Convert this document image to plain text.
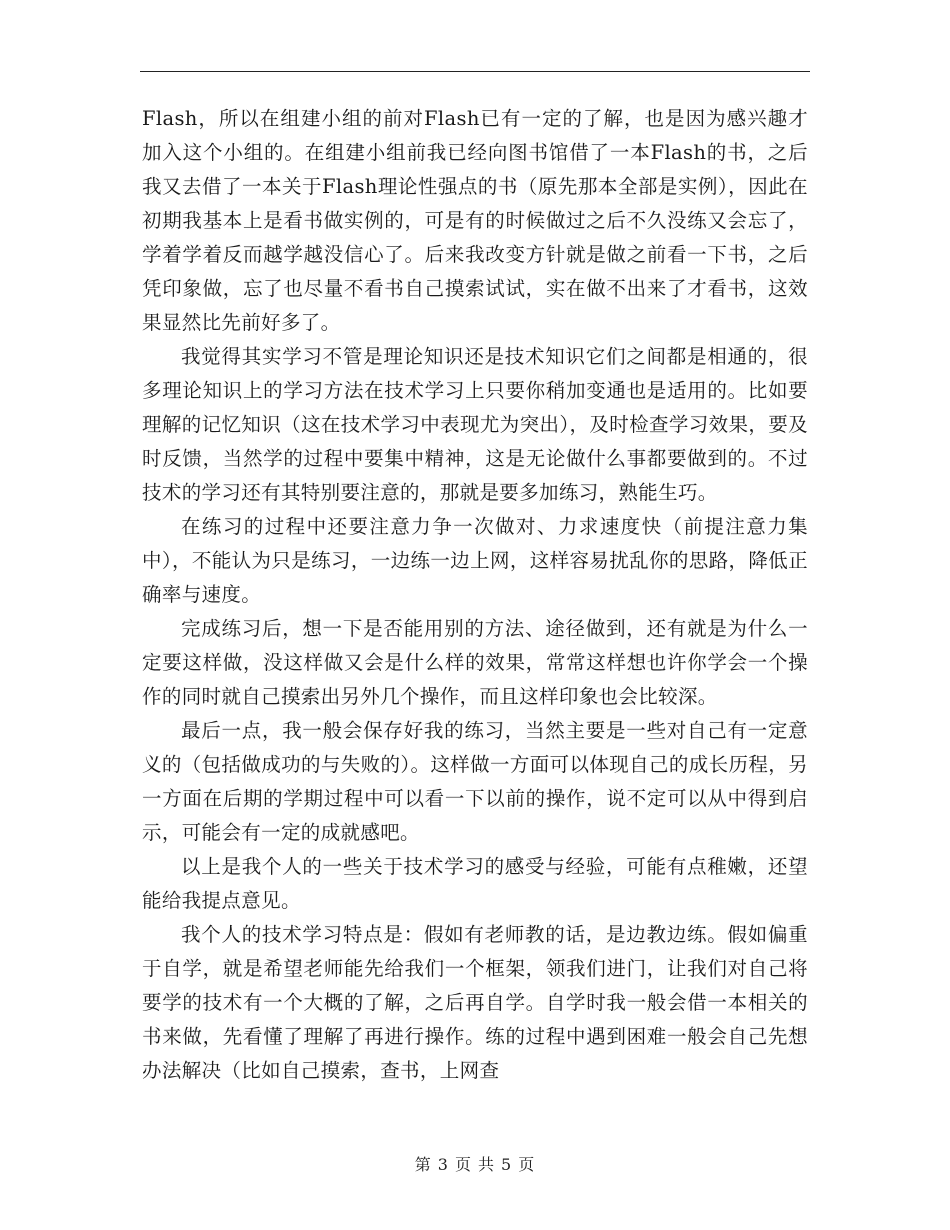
Flash，所以在组建小组的前对Flash已有一定的了解，也是因为感兴趣才加入这个小组的。在组建小组前我已经向图书馆借了一本Flash的书，之后我又去借了一本关于Flash理论性强点的书（原先那本全部是实例），因此在初期我基本上是看书做实例的，可是有的时候做过之后不久没练又会忘了，学着学着反而越学越没信心了。后来我改变方针就是做之前看一下书，之后凭印象做，忘了也尽量不看书自己摸索试试，实在做不出来了才看书，这效果显然比先前好多了。

我觉得其实学习不管是理论知识还是技术知识它们之间都是相通的，很多理论知识上的学习方法在技术学习上只要你稍加变通也是适用的。比如要理解的记忆知识（这在技术学习中表现尤为突出），及时检查学习效果，要及时反馈，当然学的过程中要集中精神，这是无论做什么事都要做到的。不过技术的学习还有其特别要注意的，那就是要多加练习，熟能生巧。

在练习的过程中还要注意力争一次做对、力求速度快（前提注意力集中），不能认为只是练习，一边练一边上网，这样容易扰乱你的思路，降低正确率与速度。

完成练习后，想一下是否能用别的方法、途径做到，还有就是为什么一定要这样做，没这样做又会是什么样的效果，常常这样想也许你学会一个操作的同时就自己摸索出另外几个操作，而且这样印象也会比较深。

最后一点，我一般会保存好我的练习，当然主要是一些对自己有一定意义的（包括做成功的与失败的）。这样做一方面可以体现自己的成长历程，另一方面在后期的学期过程中可以看一下以前的操作，说不定可以从中得到启示，可能会有一定的成就感吧。

以上是我个人的一些关于技术学习的感受与经验，可能有点稚嫩，还望能给我提点意见。

我个人的技术学习特点是：假如有老师教的话，是边教边练。假如偏重于自学，就是希望老师能先给我们一个框架，领我们进门，让我们对自己将要学的技术有一个大概的了解，之后再自学。自学时我一般会借一本相关的书来做，先看懂了理解了再进行操作。练的过程中遇到困难一般会自己先想办法解决（比如自己摸索，查书，上网查

第 3 页 共 5 页
